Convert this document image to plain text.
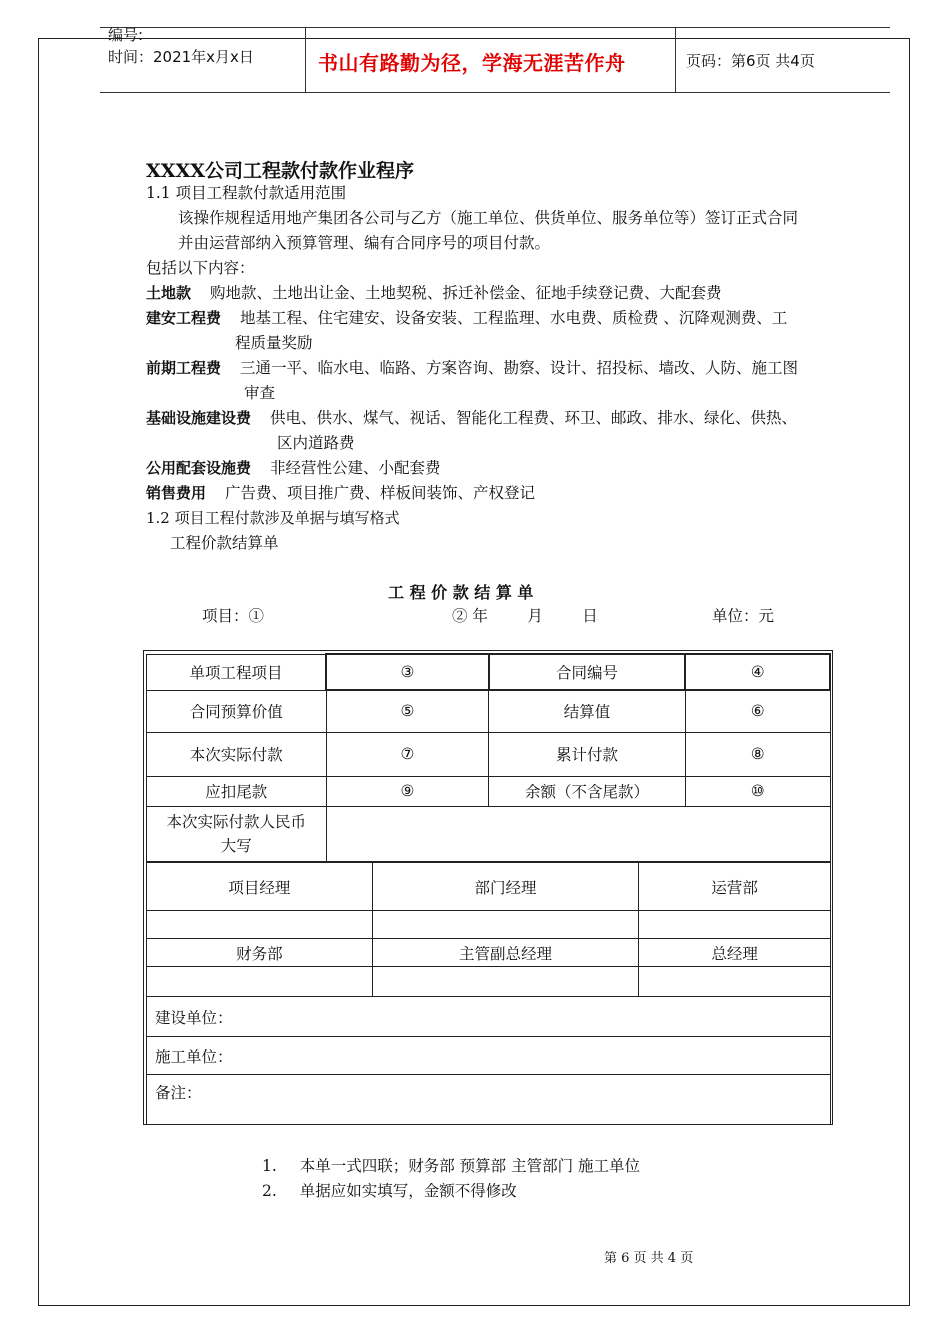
编号:
时间：2021年x月x日	书山有路勤为径，学海无涯苦作舟	页码：第6页 共4页
XXXX公司工程款付款作业程序
1.1 项目工程款付款适用范围
该操作规程适用地产集团各公司与乙方（施工单位、供货单位、服务单位等）签订正式合同
并由运营部纳入预算管理、编有合同序号的项目付款。
包括以下内容：
土地款 购地款、土地出让金、土地契税、拆迁补偿金、征地手续登记费、大配套费
建安工程费 地基工程、住宅建安、设备安装、工程监理、水电费、质检费 、沉降观测费、工
程质量奖励
前期工程费 三通一平、临水电、临路、方案咨询、勘察、设计、招投标、墙改、人防、施工图
审查
基础设施建设费 供电、供水、煤气、视话、智能化工程费、环卫、邮政、排水、绿化、供热、
区内道路费
公用配套设施费 非经营性公建、小配套费
销售费用 广告费、项目推广费、样板间装饰、产权登记
1.2 项目工程付款涉及单据与填写格式
工程价款结算单
工 程 价 款 结 算 单
项目：①	② 年        月        日	单位：元
单项工程项目	③	合同编号	④
合同预算价值	⑤	结算值	⑥
本次实际付款	⑦	累计付款	⑧
应扣尾款	⑨	余额（不含尾款）	⑩

本次实际付款人民币
大写			

项目经理	部门经理	运营部

财务部	主管副总经理	总经理

建设单位：		
施工单位：		
备注：		
1. 本单一式四联；财务部 预算部 主管部门 施工单位
2. 单据应如实填写，金额不得修改
第 6 页 共 4 页
